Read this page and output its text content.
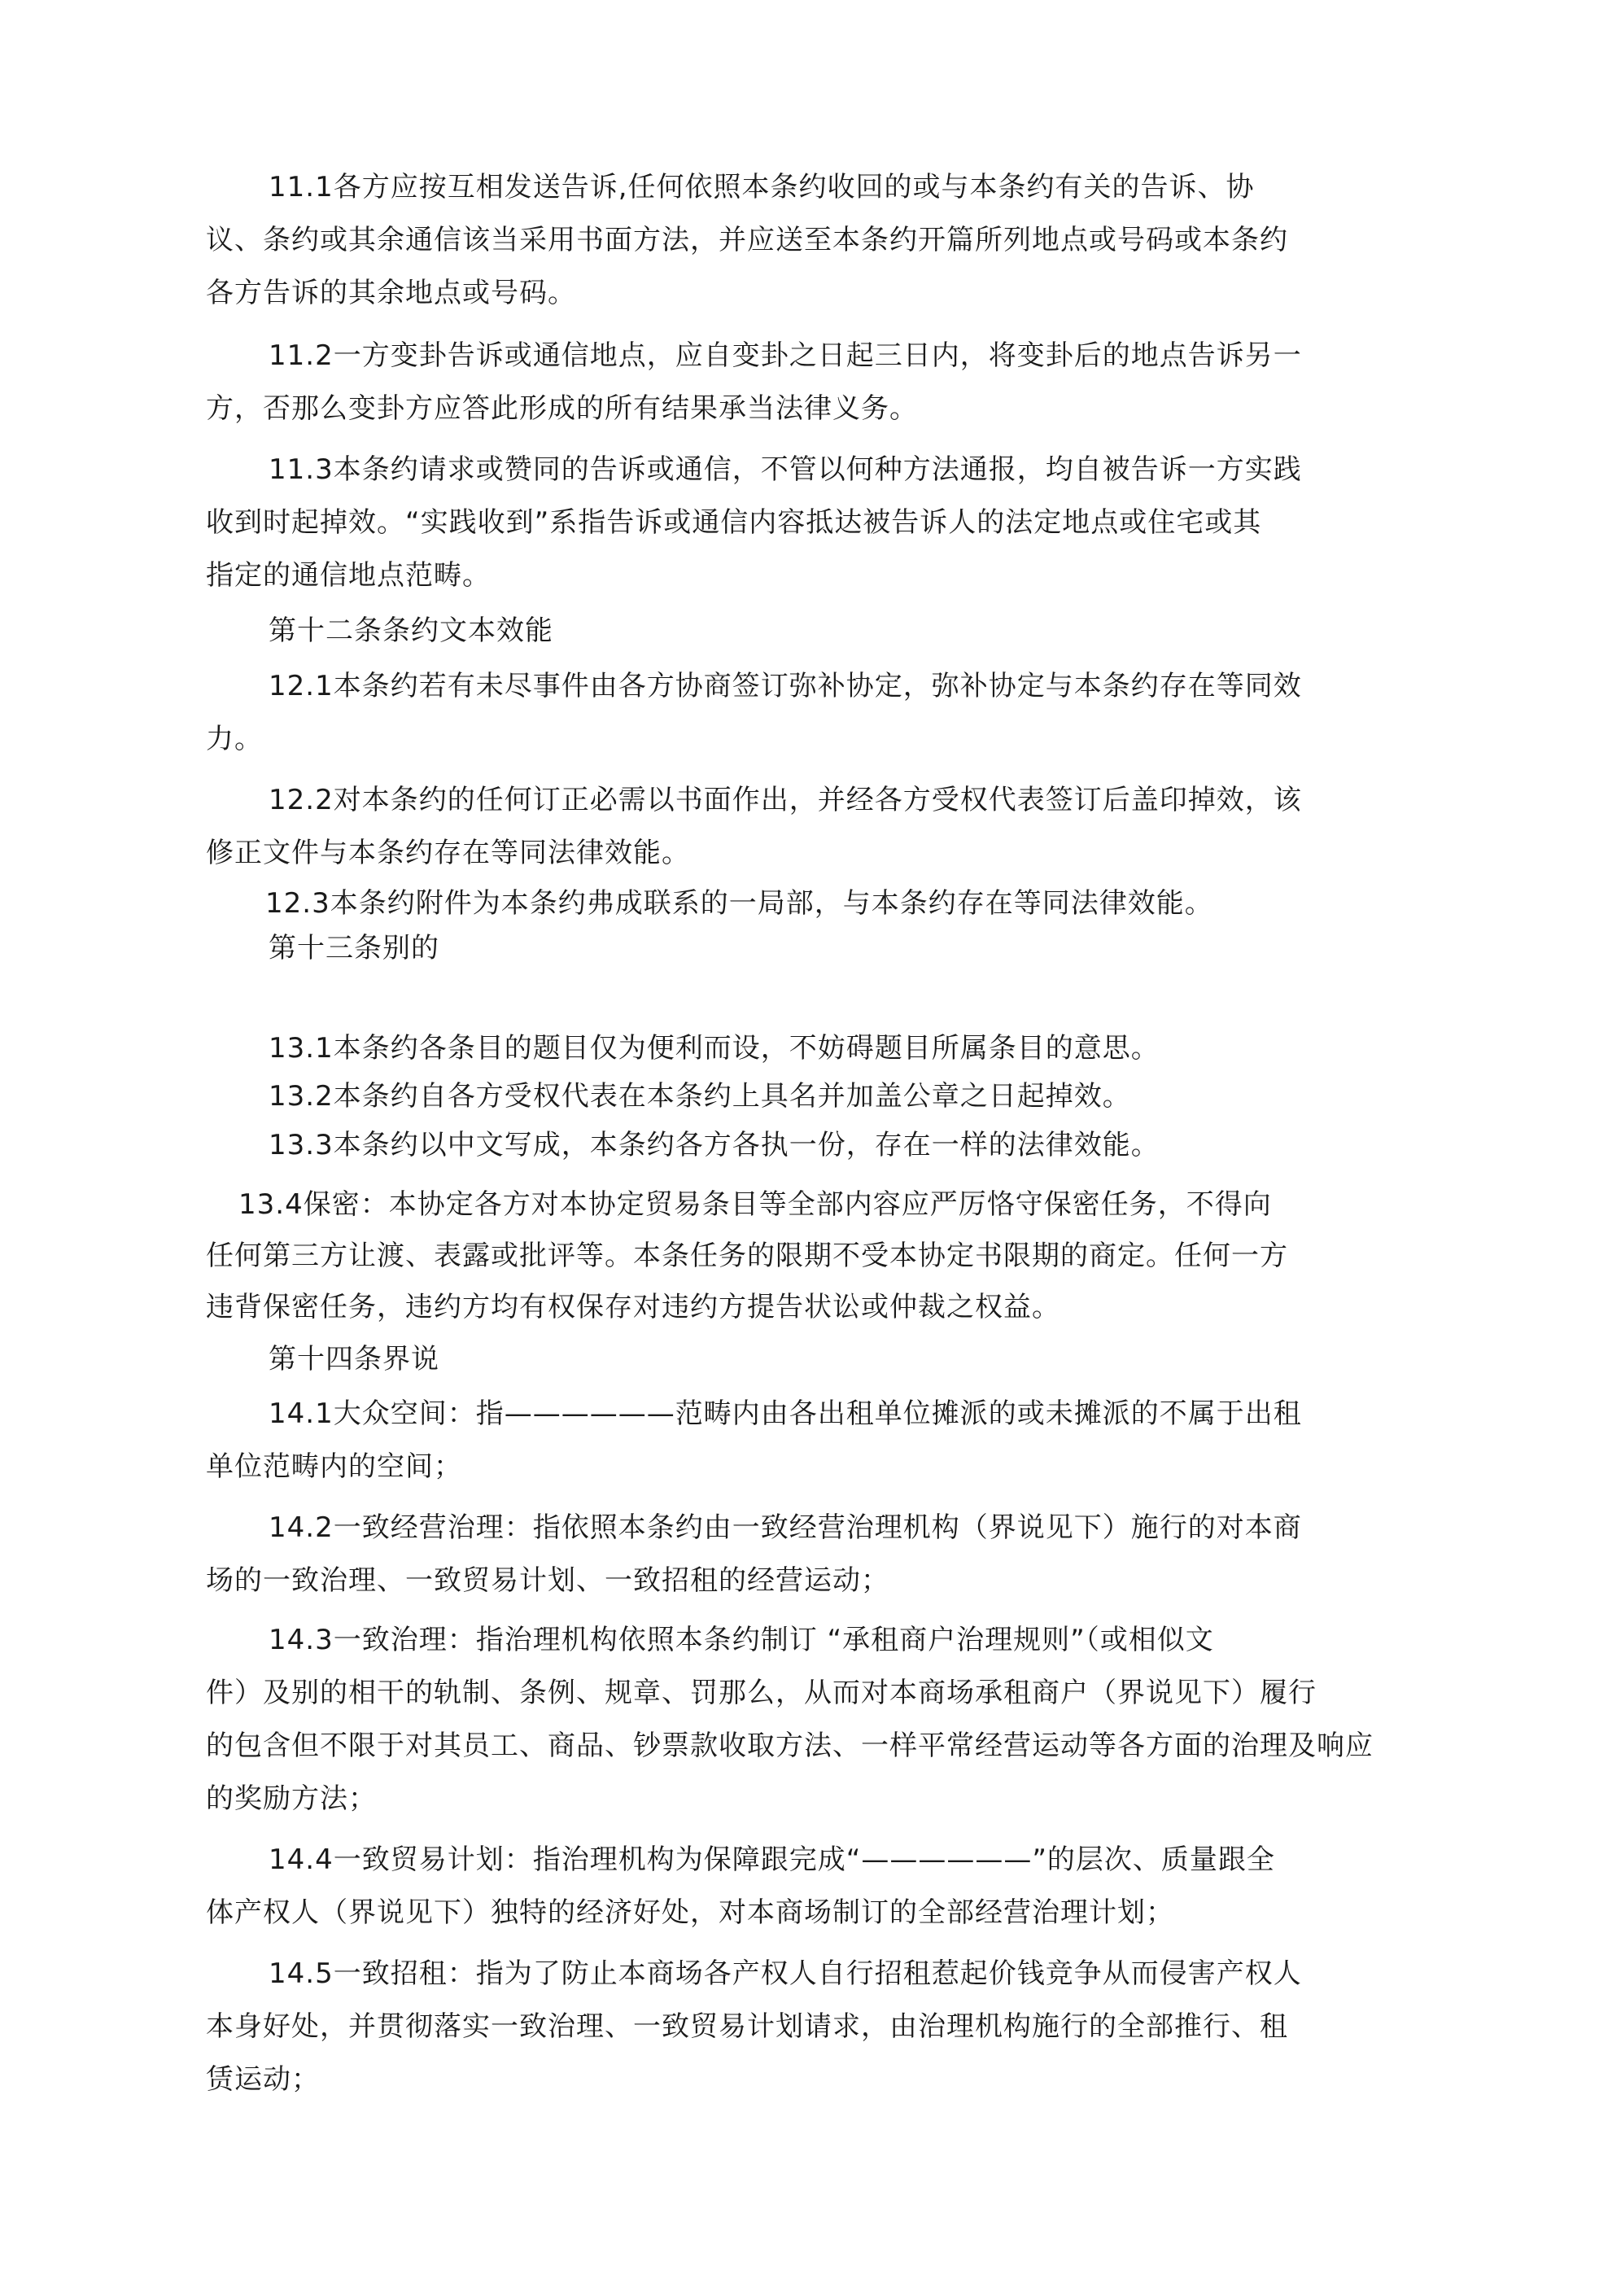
11.1各方应按互相发送告诉,任何依照本条约收回的或与本条约有关的告诉、协
议、条约或其余通信该当采用书面方法，并应送至本条约开篇所列地点或号码或本条约
各方告诉的其余地点或号码。
11.2一方变卦告诉或通信地点，应自变卦之日起三日内，将变卦后的地点告诉另一
方，否那么变卦方应答此形成的所有结果承当法律义务。
11.3本条约请求或赞同的告诉或通信，不管以何种方法通报，均自被告诉一方实践
收到时起掉效。“实践收到”系指告诉或通信内容抵达被告诉人的法定地点或住宅或其
指定的通信地点范畴。
第十二条条约文本效能
12.1本条约若有未尽事件由各方协商签订弥补协定，弥补协定与本条约存在等同效
力。
12.2对本条约的任何订正必需以书面作出，并经各方受权代表签订后盖印掉效，该
修正文件与本条约存在等同法律效能。
12.3本条约附件为本条约弗成联系的一局部，与本条约存在等同法律效能。
第十三条别的
13.1本条约各条目的题目仅为便利而设，不妨碍题目所属条目的意思。
13.2本条约自各方受权代表在本条约上具名并加盖公章之日起掉效。
13.3本条约以中文写成，本条约各方各执一份，存在一样的法律效能。
13.4保密：本协定各方对本协定贸易条目等全部内容应严厉恪守保密任务，不得向
任何第三方让渡、表露或批评等。本条任务的限期不受本协定书限期的商定。任何一方
违背保密任务，违约方均有权保存对违约方提告状讼或仲裁之权益。
第十四条界说
14.1大众空间：指——————范畴内由各出租单位摊派的或未摊派的不属于出租
单位范畴内的空间；
14.2一致经营治理：指依照本条约由一致经营治理机构（界说见下）施行的对本商
场的一致治理、一致贸易计划、一致招租的经营运动；
14.3一致治理：指治理机构依照本条约制订 “承租商户治理规则”（或相似文
件）及别的相干的轨制、条例、规章、罚那么，从而对本商场承租商户（界说见下）履行
的包含但不限于对其员工、商品、钞票款收取方法、一样平常经营运动等各方面的治理及响应
的奖励方法；
14.4一致贸易计划：指治理机构为保障跟完成“——————”的层次、质量跟全
体产权人（界说见下）独特的经济好处，对本商场制订的全部经营治理计划；
14.5一致招租：指为了防止本商场各产权人自行招租惹起价钱竞争从而侵害产权人
本身好处，并贯彻落实一致治理、一致贸易计划请求，由治理机构施行的全部推行、租
赁运动；
